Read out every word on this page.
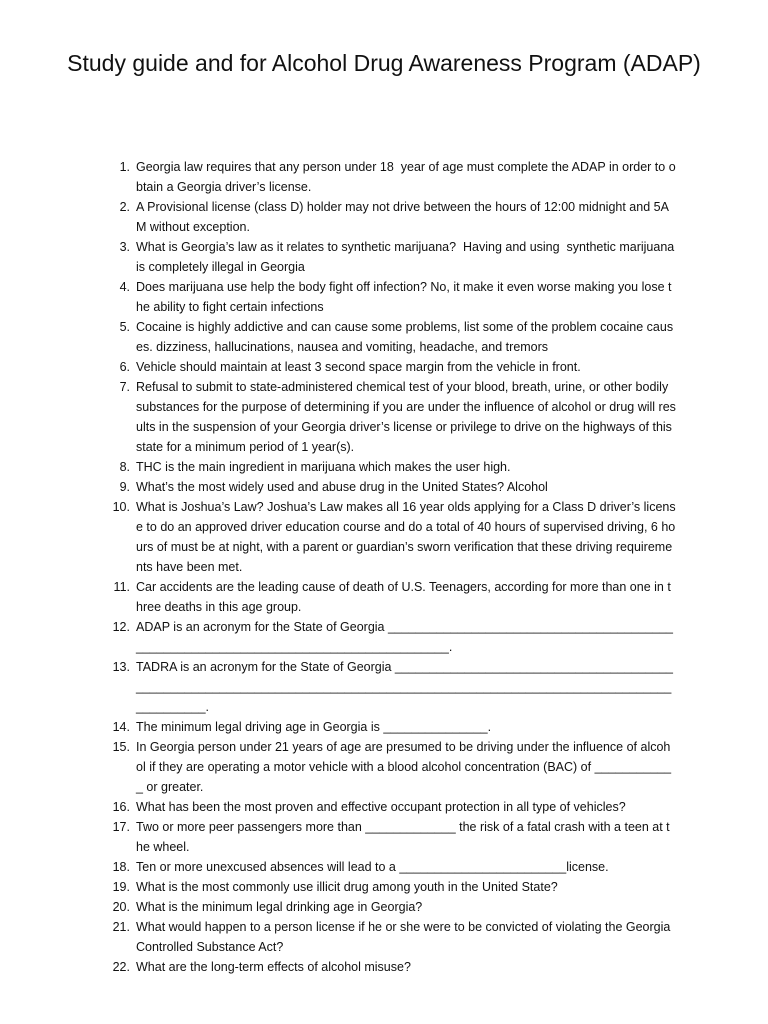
Study guide and for Alcohol Drug Awareness Program (ADAP)
1. Georgia law requires that any person under 18  year of age must complete the ADAP in order to obtain a Georgia driver’s license.
2. A Provisional license (class D) holder may not drive between the hours of 12:00 midnight and 5AM without exception.
3. What is Georgia’s law as it relates to synthetic marijuana?  Having and using  synthetic marijuana is completely illegal in Georgia
4. Does marijuana use help the body fight off infection? No, it make it even worse making you lose the ability to fight certain infections
5. Cocaine is highly addictive and can cause some problems, list some of the problem cocaine causes. dizziness, hallucinations, nausea and vomiting, headache, and tremors
6. Vehicle should maintain at least 3 second space margin from the vehicle in front.
7. Refusal to submit to state-administered chemical test of your blood, breath, urine, or other bodily substances for the purpose of determining if you are under the influence of alcohol or drug will results in the suspension of your Georgia driver’s license or privilege to drive on the highways of this state for a minimum period of 1 year(s).
8. THC is the main ingredient in marijuana which makes the user high.
9. What’s the most widely used and abuse drug in the United States? Alcohol
10. What is Joshua’s Law? Joshua’s Law makes all 16 year olds applying for a Class D driver’s license to do an approved driver education course and do a total of 40 hours of supervised driving, 6 hours of must be at night, with a parent or guardian’s sworn verification that these driving requirements have been met.
11. Car accidents are the leading cause of death of U.S. Teenagers, according for more than one in three deaths in this age group.
12. ADAP is an acronym for the State of Georgia ______________________________________________________________________________________.
13. TADRA is an acronym for the State of Georgia _______________________________________________________________________________________________________________________________.
14. The minimum legal driving age in Georgia is _______________.
15. In Georgia person under 21 years of age are presumed to be driving under the influence of alcohol if they are operating a motor vehicle with a blood alcohol concentration (BAC) of ____________ or greater.
16. What has been the most proven and effective occupant protection in all type of vehicles?
17. Two or more peer passengers more than _____________ the risk of a fatal crash with a teen at the wheel.
18. Ten or more unexcused absences will lead to a ________________________license.
19. What is the most commonly use illicit drug among youth in the United State?
20. What is the minimum legal drinking age in Georgia?
21. What would happen to a person license if he or she were to be convicted of violating the Georgia Controlled Substance Act?
22. What are the long-term effects of alcohol misuse?
